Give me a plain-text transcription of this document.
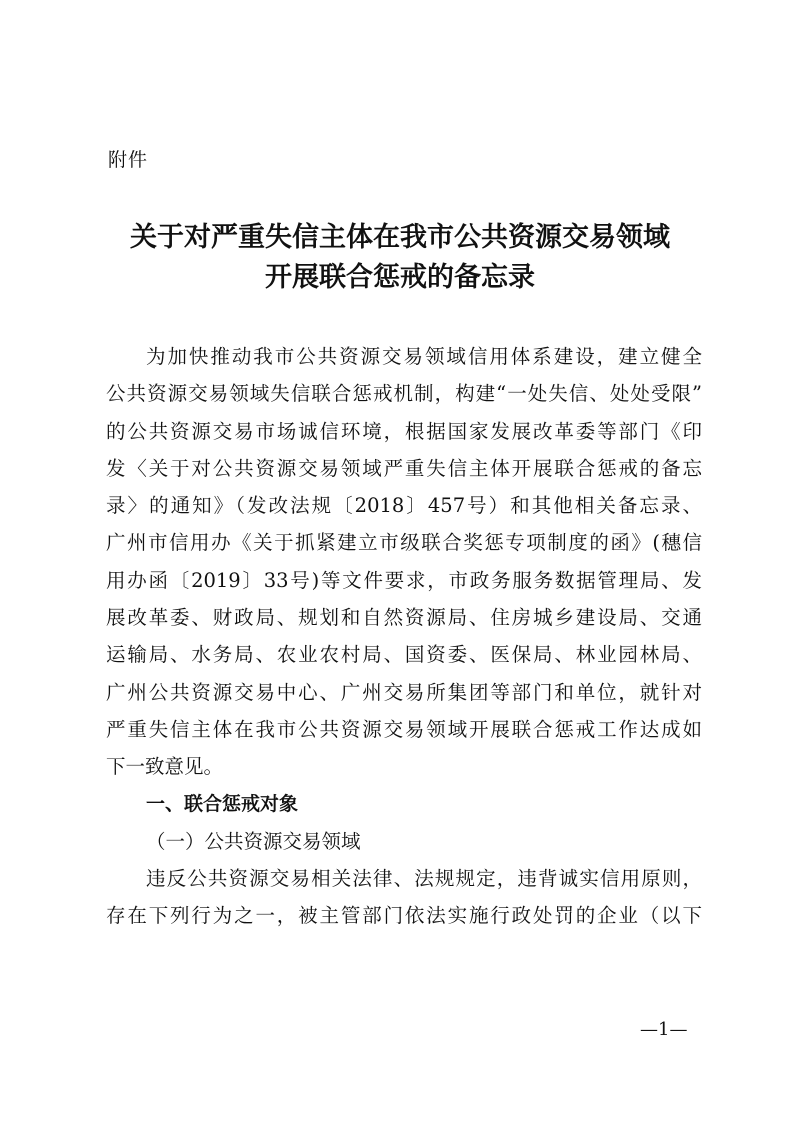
附件
关于对严重失信主体在我市公共资源交易领域
开展联合惩戒的备忘录
为加快推动我市公共资源交易领域信用体系建设，建立健全
公共资源交易领域失信联合惩戒机制，构建“一处失信、处处受限”
的公共资源交易市场诚信环境，根据国家发展改革委等部门《印
发〈关于对公共资源交易领域严重失信主体开展联合惩戒的备忘
录〉的通知》（发改法规〔2018〕457号）和其他相关备忘录、
广州市信用办《关于抓紧建立市级联合奖惩专项制度的函》(穗信
用办函〔2019〕33号)等文件要求，市政务服务数据管理局、发
展改革委、财政局、规划和自然资源局、住房城乡建设局、交通
运输局、水务局、农业农村局、国资委、医保局、林业园林局、
广州公共资源交易中心、广州交易所集团等部门和单位，就针对
严重失信主体在我市公共资源交易领域开展联合惩戒工作达成如
下一致意见。
一、联合惩戒对象
（一）公共资源交易领域
违反公共资源交易相关法律、法规规定，违背诚实信用原则，
存在下列行为之一，被主管部门依法实施行政处罚的企业（以下
—1—
